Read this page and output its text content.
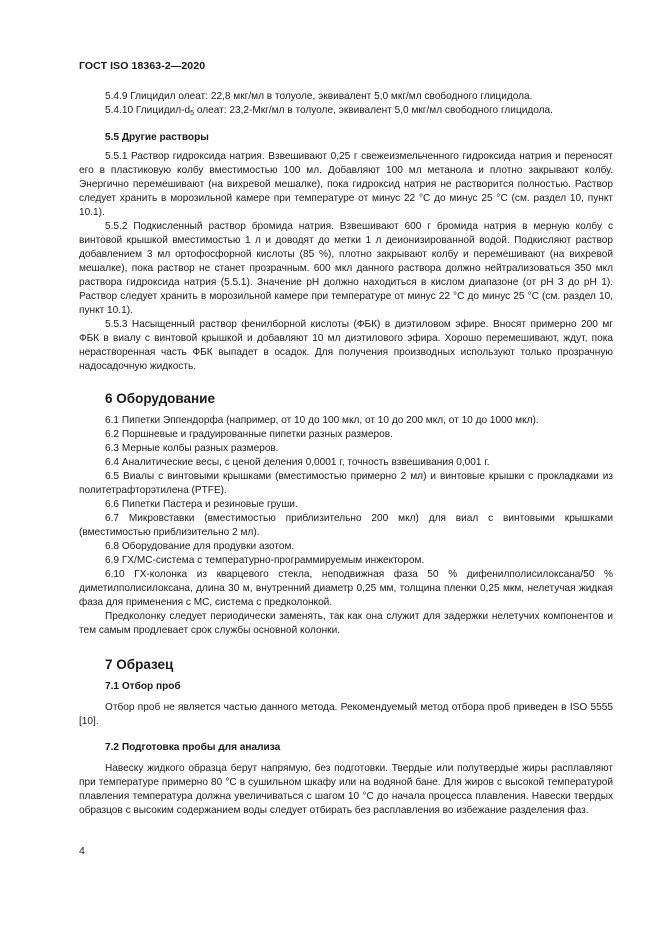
ГОСТ ISO 18363-2—2020

5.4.9 Глицидил олеат: 22,8 мкг/мл в толуоле, эквивалент 5,0 мкг/мл свободного глицидола.

5.4.10 Глицидил-$d_5$ олеат: 23,2-Мкг/мл в толуоле, эквивалент 5,0 мкг/мл свободного глицидола.

5.5 Другие растворы

5.5.1 Раствор гидроксида натрия. Взвешивают 0,25 г свежеизмельченного гидроксида натрия и переносят его в пластиковую колбу вместимостью 100 мл. Добавляют 100 мл метанола и плотно закрывают колбу. Энергично перемешивают (на вихревой мешалке), пока гидроксид натрия не растворится полностью. Раствор следует хранить в морозильной камере при температуре от минус 22 °C до минус 25 °C (см. раздел 10, пункт 10.1).

5.5.2 Подкисленный раствор бромида натрия. Взвешивают 600 г бромида натрия в мерную колбу с винтовой крышкой вместимостью 1 л и доводят до метки 1 л деионизированной водой. Подкисляют раствор добавлением 3 мл ортофосфорной кислоты (85 %), плотно закрывают колбу и перемешивают (на вихревой мешалке), пока раствор не станет прозрачным. 600 мкл данного раствора должно нейтрализоваться 350 мкл раствора гидроксида натрия (5.5.1). Значение pH должно находиться в кислом диапазоне (от pH 3 до pH 1). Раствор следует хранить в морозильной камере при температуре от минус 22 °C до минус 25 °C (см. раздел 10, пункт 10.1).

5.5.3 Насыщенный раствор фенилборной кислоты (ФБК) в диэтиловом эфире. Вносят примерно 200 мг ФБК в виалу с винтовой крышкой и добавляют 10 мл диэтилового эфира. Хорошо перемешивают, ждут, пока нерастворенная часть ФБК выпадет в осадок. Для получения производных используют только прозрачную надосадочную жидкость.

6 Оборудование

6.1 Пипетки Эппендорфа (например, от 10 до 100 мкл, от 10 до 200 мкл, от 10 до 1000 мкл).

6.2 Поршневые и градуированные пипетки разных размеров.

6.3 Мерные колбы разных размеров.

6.4 Аналитические весы, с ценой деления 0,0001 г, точность взвешивания 0,001 г.

6.5 Виалы с винтовыми крышками (вместимостью примерно 2 мл) и винтовые крышки с прокладками из политетрафторэтилена (PTFE).

6.6 Пипетки Пастера и резиновые груши.

6.7 Микровставки (вместимостью приблизительно 200 мкл) для виал с винтовыми крышками (вместимостью приблизительно 2 мл).

6.8 Оборудование для продувки азотом.

6.9 ГХ/МС-система с температурно-программируемым инжектором.

6.10 ГХ-колонка из кварцевого стекла, неподвижная фаза 50 % дифенилполисилоксана/50 % диметилполисилоксана, длина 30 м, внутренний диаметр 0,25 мм, толщина пленки 0,25 мкм, нелетучая жидкая фаза для применения с МС, система с предколонкой.

Предколонку следует периодически заменять, так как она служит для задержки нелетучих компонентов и тем самым продлевает срок службы основной колонки.

7 Образец
7.1 Отбор проб

Отбор проб не является частью данного метода. Рекомендуемый метод отбора проб приведен в ISO 5555 [10].

7.2 Подготовка пробы для анализа

Навеску жидкого образца берут напрямую, без подготовки. Твердые или полутвердые жиры расплавляют при температуре примерно 80 °C в сушильном шкафу или на водяной бане. Для жиров с высокой температурой плавления температура должна увеличиваться с шагом 10 °C до начала процесса плавления. Навески твердых образцов с высоким содержанием воды следует отбирать без расплавления во избежание разделения фаз.

4
